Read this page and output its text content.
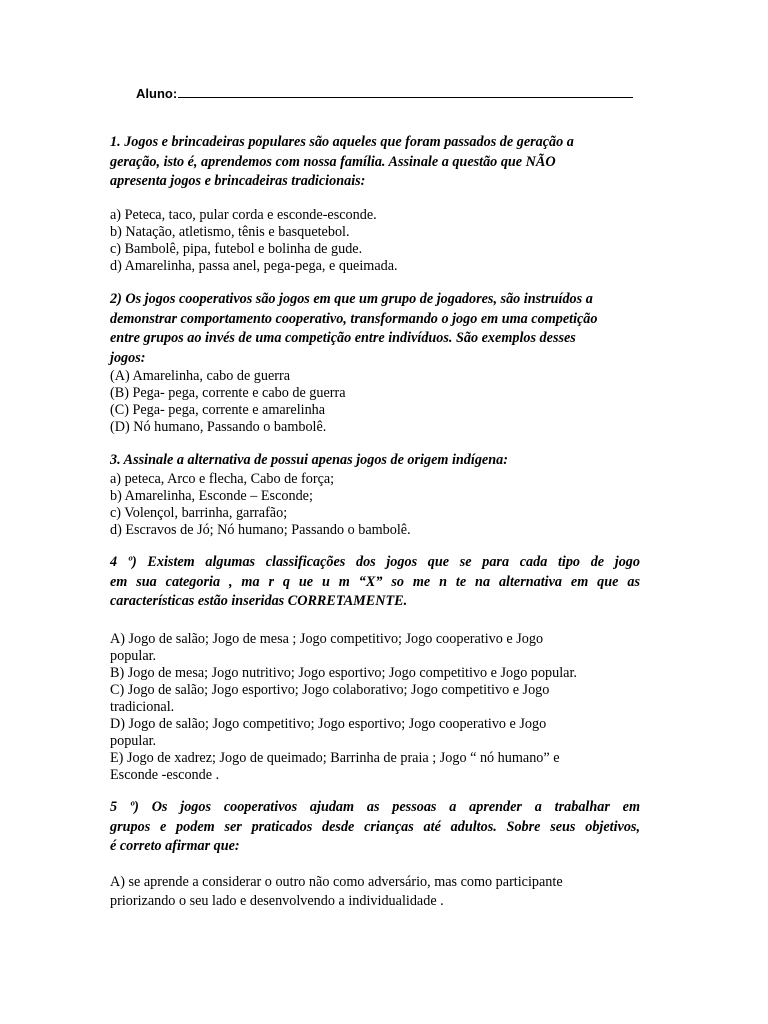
Aluno:
1. Jogos e brincadeiras populares são aqueles que foram passados de geração a
geração, isto é, aprendemos com nossa família. Assinale a questão que NÃO
apresenta jogos e brincadeiras tradicionais:
a) Peteca, taco, pular corda e esconde-esconde.
b) Natação, atletismo, tênis e basquetebol.
c) Bambolê, pipa, futebol e bolinha de gude.
d) Amarelinha, passa anel, pega-pega, e queimada.
2) Os jogos cooperativos são jogos em que um grupo de jogadores, são instruídos a
demonstrar comportamento cooperativo, transformando o jogo em uma competição
entre grupos ao invés de uma competição entre indivíduos. São exemplos desses
jogos:
(A) Amarelinha, cabo de guerra
(B) Pega- pega, corrente e cabo de guerra
(C) Pega- pega, corrente e amarelinha
(D) Nó humano, Passando o bambolê.
3. Assinale a alternativa de possui apenas jogos de origem indígena:
a) peteca, Arco e flecha, Cabo de força;
b) Amarelinha, Esconde – Esconde;
c) Volençol, barrinha, garrafão;
d) Escravos de Jó; Nó humano; Passando o bambolê.
4 º) Existem algumas classificações dos jogos que se para cada tipo de jogo
em sua categoria , ma r q ue u m “X” so me n te na alternativa em que as
características estão inseridas CORRETAMENTE.
A) Jogo de salão; Jogo de mesa ; Jogo competitivo; Jogo cooperativo e Jogo
popular.
B) Jogo de mesa; Jogo nutritivo; Jogo esportivo; Jogo competitivo e Jogo popular.
C) Jogo de salão; Jogo esportivo; Jogo colaborativo; Jogo competitivo e Jogo
tradicional.
D) Jogo de salão; Jogo competitivo; Jogo esportivo; Jogo cooperativo e Jogo
popular.
E) Jogo de xadrez; Jogo de queimado; Barrinha de praia ; Jogo “ nó humano” e
Esconde -esconde .
5 º) Os jogos cooperativos ajudam as pessoas a aprender a trabalhar em
grupos e podem ser praticados desde crianças até adultos. Sobre seus objetivos,
é correto afirmar que:
A) se aprende a considerar o outro não como adversário, mas como participante
priorizando o seu lado e desenvolvendo a individualidade .
